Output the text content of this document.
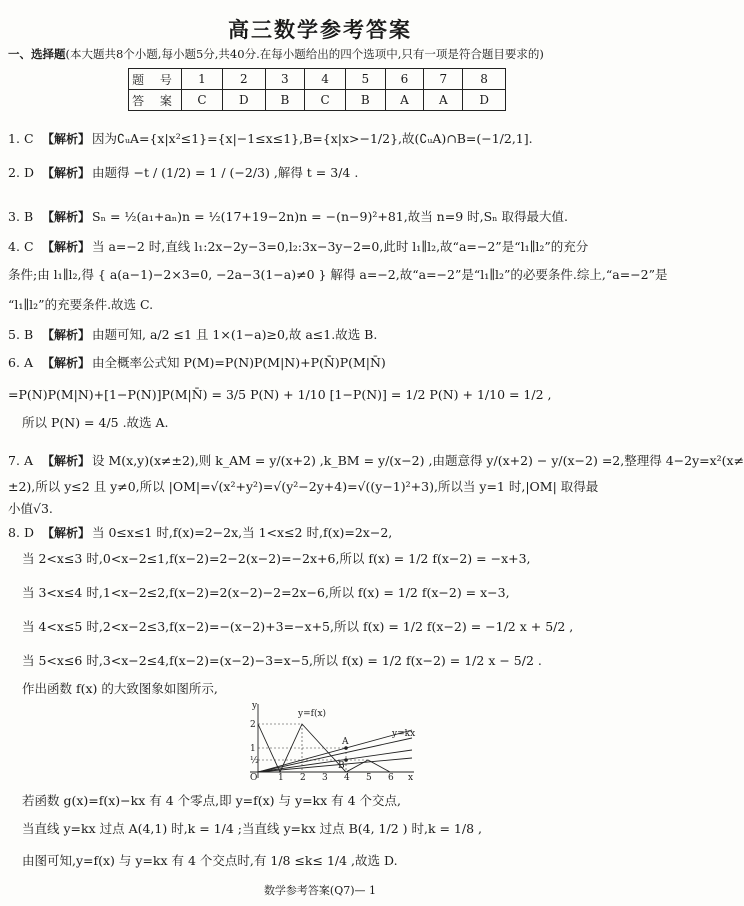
高三数学参考答案
一、选择题(本大题共8个小题,每小题5分,共40分.在每小题给出的四个选项中,只有一项是符合题目要求的)
题 号	1	2	3	4	5	6	7	8
答 案	C	D	B	C	B	A	A	D
1. C 【解析】 因为∁ᵤA={x|x²≤1}={x|−1≤x≤1},B={x|x>−1/2},故(∁ᵤA)∩B=(−1/2,1].
2. D 【解析】 由题得 −t / (1/2) = 1 / (−2/3) ,解得 t = 3/4 .
3. B 【解析】 Sₙ = ½(a₁+aₙ)n = ½(17+19−2n)n = −(n−9)²+81,故当 n=9 时,Sₙ 取得最大值.
4. C 【解析】 当 a=−2 时,直线 l₁:2x−2y−3=0,l₂:3x−3y−2=0,此时 l₁∥l₂,故“a=−2”是“l₁∥l₂”的充分
条件;由 l₁∥l₂,得 { a(a−1)−2×3=0, −2a−3(1−a)≠0 } 解得 a=−2,故“a=−2”是“l₁∥l₂”的必要条件.综上,“a=−2”是
“l₁∥l₂”的充要条件.故选 C.
5. B 【解析】 由题可知, a/2 ≤1 且 1×(1−a)≥0,故 a≤1.故选 B.
6. A 【解析】 由全概率公式知 P(M)=P(N)P(M|N)+P(N̄)P(M|N̄)
=P(N)P(M|N)+[1−P(N)]P(M|N̄) = 3/5 P(N) + 1/10 [1−P(N)] = 1/2 P(N) + 1/10 = 1/2 ,
所以 P(N) = 4/5 .故选 A.
7. A 【解析】 设 M(x,y)(x≠±2),则 k_AM = y/(x+2) ,k_BM = y/(x−2) ,由题意得 y/(x+2) − y/(x−2) =2,整理得 4−2y=x²(x≠
±2),所以 y≤2 且 y≠0,所以 |OM|=√(x²+y²)=√(y²−2y+4)=√((y−1)²+3),所以当 y=1 时,|OM| 取得最
小值√3.
8. D 【解析】 当 0≤x≤1 时,f(x)=2−2x,当 1<x≤2 时,f(x)=2x−2,
当 2<x≤3 时,0<x−2≤1,f(x−2)=2−2(x−2)=−2x+6,所以 f(x) = 1/2 f(x−2) = −x+3,
当 3<x≤4 时,1<x−2≤2,f(x−2)=2(x−2)−2=2x−6,所以 f(x) = 1/2 f(x−2) = x−3,
当 4<x≤5 时,2<x−2≤3,f(x−2)=−(x−2)+3=−x+5,所以 f(x) = 1/2 f(x−2) = −1/2 x + 5/2 ,
当 5<x≤6 时,3<x−2≤4,f(x−2)=(x−2)−3=x−5,所以 f(x) = 1/2 f(x−2) = 1/2 x − 5/2 .
作出函数 f(x) 的大致图象如图所示,
y
x
O
y=f(x)
y=kx
A
B
2
1
½
1 2 3 4 5 6
若函数 g(x)=f(x)−kx 有 4 个零点,即 y=f(x) 与 y=kx 有 4 个交点,
当直线 y=kx 过点 A(4,1) 时,k = 1/4 ;当直线 y=kx 过点 B(4, 1/2 ) 时,k = 1/8 ,
由图可知,y=f(x) 与 y=kx 有 4 个交点时,有 1/8 ≤k≤ 1/4 ,故选 D.
数学参考答案(Q7)— 1
